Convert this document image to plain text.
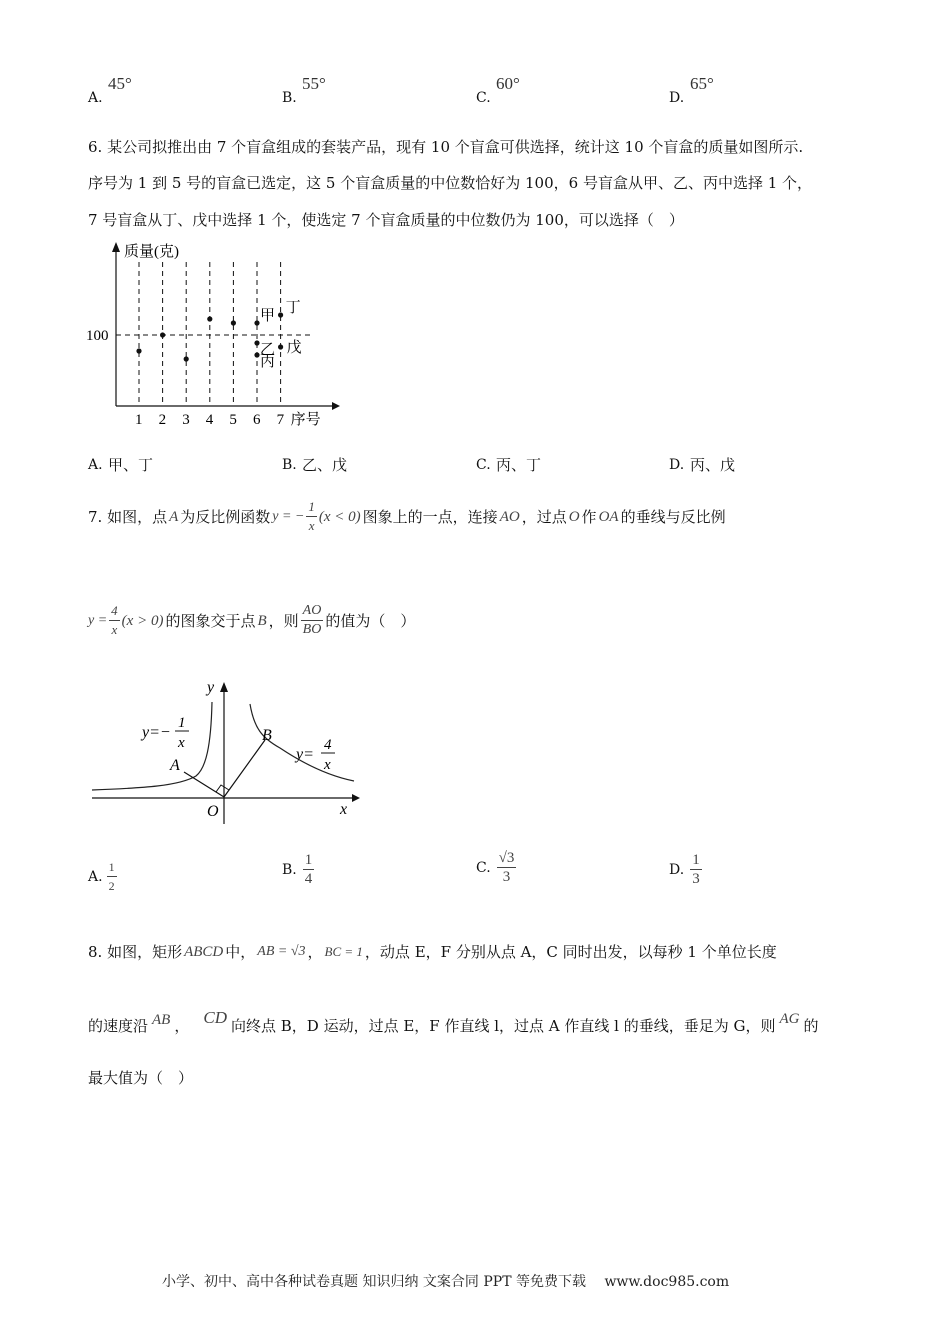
A.
45°
B.
55°
C.
60°
D.
65°
6. 某公司拟推出由 7 个盲盒组成的套装产品，现有 10 个盲盒可供选择，统计这 10 个盲盒的质量如图所示.
序号为 1 到 5 号的盲盒已选定，这 5 个盲盒质量的中位数恰好为 100，6 号盲盒从甲、乙、丙中选择 1 个，
7 号盲盒从丁、戊中选择 1 个，使选定 7 个盲盒质量的中位数仍为 100，可以选择（　）
1 2 3 4 5 6 7
100
质量(克)
序号
甲
乙
丙
丁
戊
A. 甲、丁	B. 乙、戊	C. 丙、丁	D. 丙、戊
7. 如图，点 A 为反比例函数 y = − $\frac{1}{x} (x < 0)$ 图象上的一点，连接 AO ，过点 O 作 OA 的垂线与反比例
$y = \frac{4}{x} (x > 0)$ 的图象交于点 B ，则 $\frac{AO}{BO}$ 的值为（　）
y
x
O
A
B
y=−
1
x
y=
4
x
A. $\frac{1}{2}$	B. $\frac{1}{4}$	C. $\frac{√3}{3}$	D. $\frac{1}{3}$
8. 如图，矩形 ABCD 中， AB = √3 ， BC = 1 ，动点 E，F 分别从点 A，C 同时出发，以每秒 1 个单位长度
的速度沿 AB ， CD 向终点 B，D 运动，过点 E，F 作直线 l，过点 A 作直线 l 的垂线，垂足为 G，则 AG 的
最大值为（　）
小学、初中、高中各种试卷真题 知识归纳 文案合同 PPT 等免费下载 www.doc985.com
